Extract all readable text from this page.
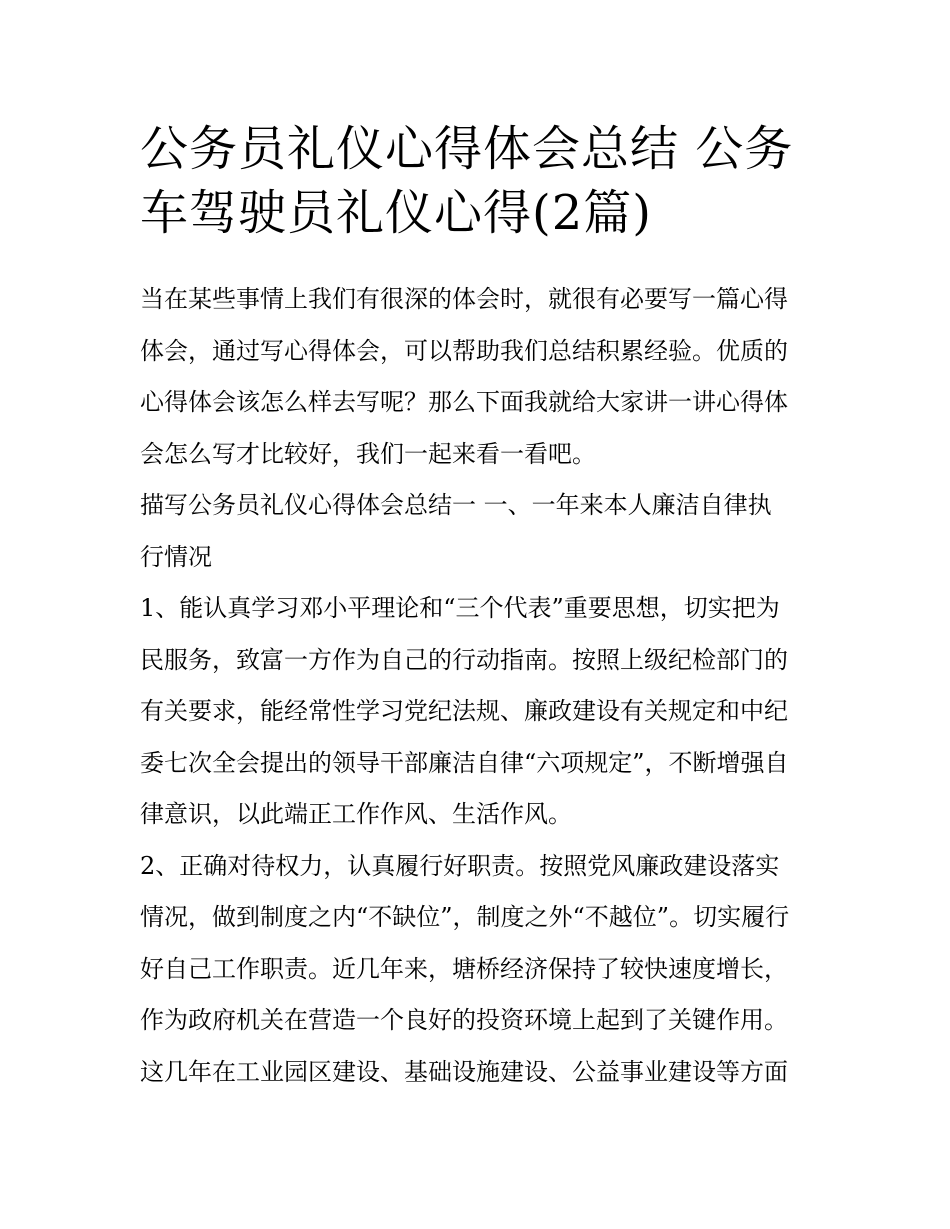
公务员礼仪心得体会总结 公务
车驾驶员礼仪心得(2篇)

当在某些事情上我们有很深的体会时，就很有必要写一篇心得
体会，通过写心得体会，可以帮助我们总结积累经验。优质的
心得体会该怎么样去写呢？那么下面我就给大家讲一讲心得体
会怎么写才比较好，我们一起来看一看吧。

描写公务员礼仪心得体会总结一 一、一年来本人廉洁自律执
行情况

1、能认真学习邓小平理论和“三个代表”重要思想，切实把为
民服务，致富一方作为自己的行动指南。按照上级纪检部门的
有关要求，能经常性学习党纪法规、廉政建设有关规定和中纪
委七次全会提出的领导干部廉洁自律“六项规定”，不断增强自
律意识，以此端正工作作风、生活作风。

2、正确对待权力，认真履行好职责。按照党风廉政建设落实
情况，做到制度之内“不缺位”，制度之外“不越位”。切实履行
好自己工作职责。近几年来，塘桥经济保持了较快速度增长，
作为政府机关在营造一个良好的投资环境上起到了关键作用。
这几年在工业园区建设、基础设施建设、公益事业建设等方面
